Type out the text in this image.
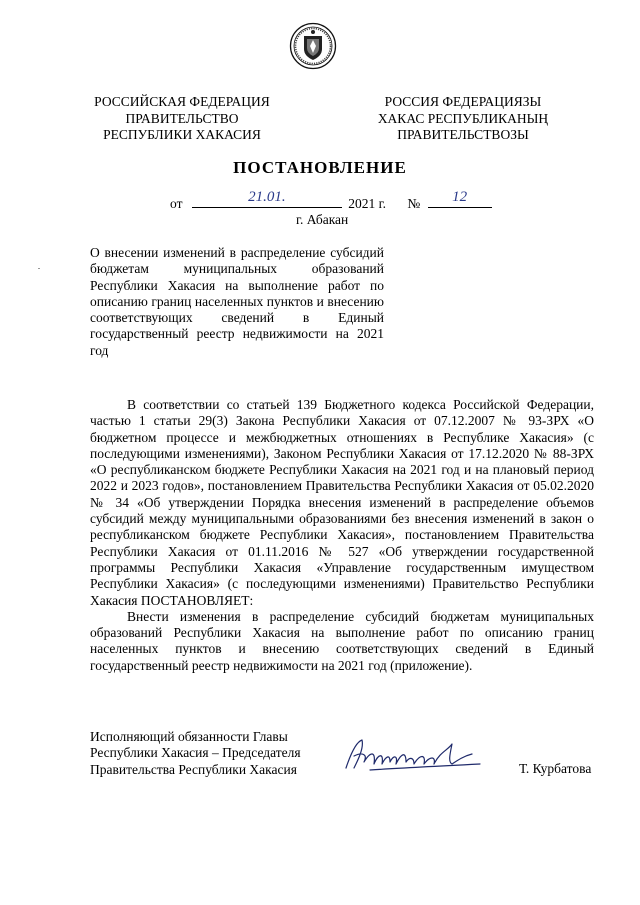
РОССИЙСКАЯ ФЕДЕРАЦИЯ
ПРАВИТЕЛЬСТВО
РЕСПУБЛИКИ ХАКАСИЯ
РОССИЯ ФЕДЕРАЦИЯЗЫ
ХАКАС РЕСПУБЛИКАНЫҢ
ПРАВИТЕЛЬСТВОЗЫ
ПОСТАНОВЛЕНИЕ
от	21.01.	2021 г. №	12
г. Абакан

О внесении изменений в распределение субсидий бюджетам муниципальных образований Республики Хакасия на выполнение работ по описанию границ населенных пунктов и внесению соответствующих сведений в Единый государственный реестр недвижимости на 2021 год

В соответствии со статьей 139 Бюджетного кодекса Российской Федерации, частью 1 статьи 29(3) Закона Республики Хакасия от 07.12.2007 № 93-ЗРХ «О бюджетном процессе и межбюджетных отношениях в Республике Хакасия» (с последующими изменениями), Законом Республики Хакасия от 17.12.2020 № 88-ЗРХ «О республиканском бюджете Республики Хакасия на 2021 год и на плановый период 2022 и 2023 годов», постановлением Правительства Республики Хакасия от 05.02.2020 № 34 «Об утверждении Порядка внесения изменений в распределение объемов субсидий между муниципальными образованиями без внесения изменений в закон о республиканском бюджете Республики Хакасия», постановлением Правительства Республики Хакасия от 01.11.2016 № 527 «Об утверждении государственной программы Республики Хакасия «Управление государственным имуществом Республики Хакасия» (с последующими изменениями) Правительство Республики Хакасия ПОСТАНОВЛЯЕТ:

Внести изменения в распределение субсидий бюджетам муниципальных образований Республики Хакасия на выполнение работ по описанию границ населенных пунктов и внесению соответствующих сведений в Единый государственный реестр недвижимости на 2021 год (приложение).

Исполняющий обязанности Главы
Республики Хакасия – Председателя
Правительства Республики Хакасия	Т. Курбатова
